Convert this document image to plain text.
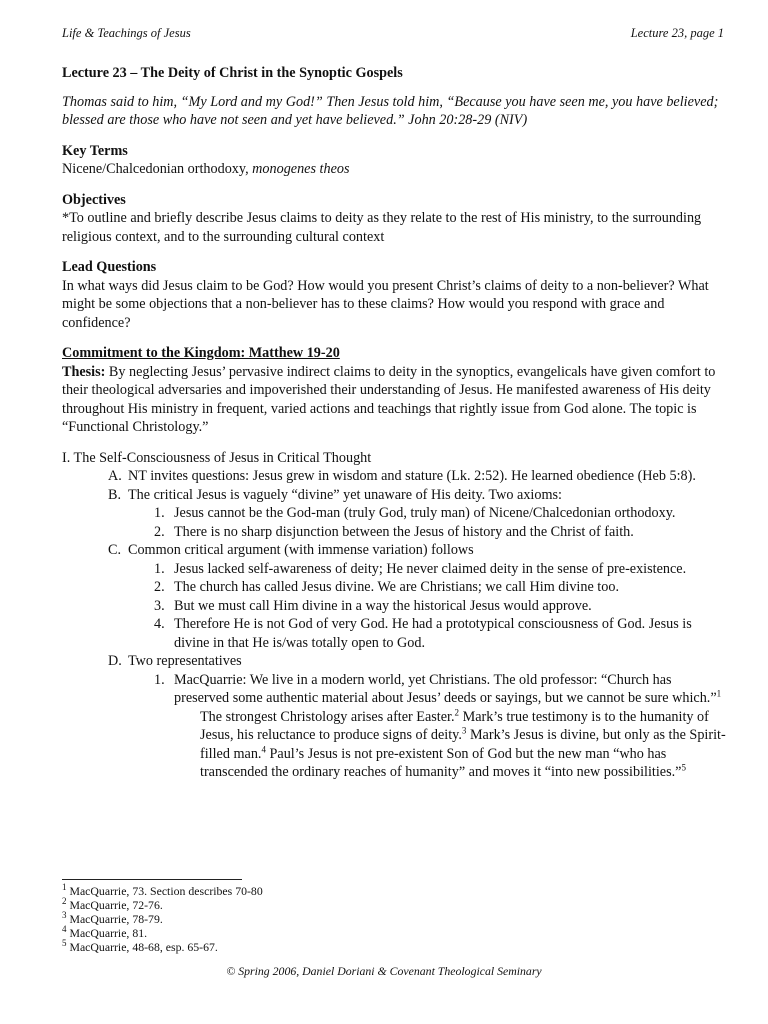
Life & Teachings of Jesus	Lecture 23, page 1

Lecture 23 – The Deity of Christ in the Synoptic Gospels

Thomas said to him, “My Lord and my God!” Then Jesus told him, “Because you have seen me, you have believed; blessed are those who have not seen and yet have believed.” John 20:28-29 (NIV)

Key Terms

Nicene/Chalcedonian orthodoxy, monogenes theos

Objectives

*To outline and briefly describe Jesus claims to deity as they relate to the rest of His ministry, to the surrounding religious context, and to the surrounding cultural context

Lead Questions

In what ways did Jesus claim to be God? How would you present Christ’s claims of deity to a non-believer? What might be some objections that a non-believer has to these claims? How would you respond with grace and confidence?

Commitment to the Kingdom: Matthew 19-20

Thesis: By neglecting Jesus’ pervasive indirect claims to deity in the synoptics, evangelicals have given comfort to their theological adversaries and impoverished their understanding of Jesus. He manifested awareness of His deity throughout His ministry in frequent, varied actions and teachings that rightly issue from God alone. The topic is “Functional Christology.”

I. The Self-Consciousness of Jesus in Critical Thought

A. NT invites questions: Jesus grew in wisdom and stature (Lk. 2:52). He learned obedience (Heb 5:8).
B. The critical Jesus is vaguely “divine” yet unaware of His deity. Two axioms:
1. Jesus cannot be the God-man (truly God, truly man) of Nicene/Chalcedonian orthodoxy.
2. There is no sharp disjunction between the Jesus of history and the Christ of faith.
C. Common critical argument (with immense variation) follows
1. Jesus lacked self-awareness of deity; He never claimed deity in the sense of pre-existence.
2. The church has called Jesus divine. We are Christians; we call Him divine too.
3. But we must call Him divine in a way the historical Jesus would approve.
4. Therefore He is not God of very God. He had a prototypical consciousness of God. Jesus is divine in that He is/was totally open to God.
D. Two representatives
1. MacQuarrie: We live in a modern world, yet Christians. The old professor: “Church has preserved some authentic material about Jesus’ deeds or sayings, but we cannot be sure which.”$^1$
The strongest Christology arises after Easter.$^2$ Mark’s true testimony is to the humanity of Jesus, his reluctance to produce signs of deity.$^3$ Mark’s Jesus is divine, but only as the Spirit-filled man.$^4$ Paul’s Jesus is not pre-existent Son of God but the new man “who has transcended the ordinary reaches of humanity” and moves it “into new possibilities.”$^5$
$^1$ MacQuarrie, 73. Section describes 70-80
$^2$ MacQuarrie, 72-76.
$^3$ MacQuarrie, 78-79.
$^4$ MacQuarrie, 81.
$^5$ MacQuarrie, 48-68, esp. 65-67.
© Spring 2006, Daniel Doriani & Covenant Theological Seminary
